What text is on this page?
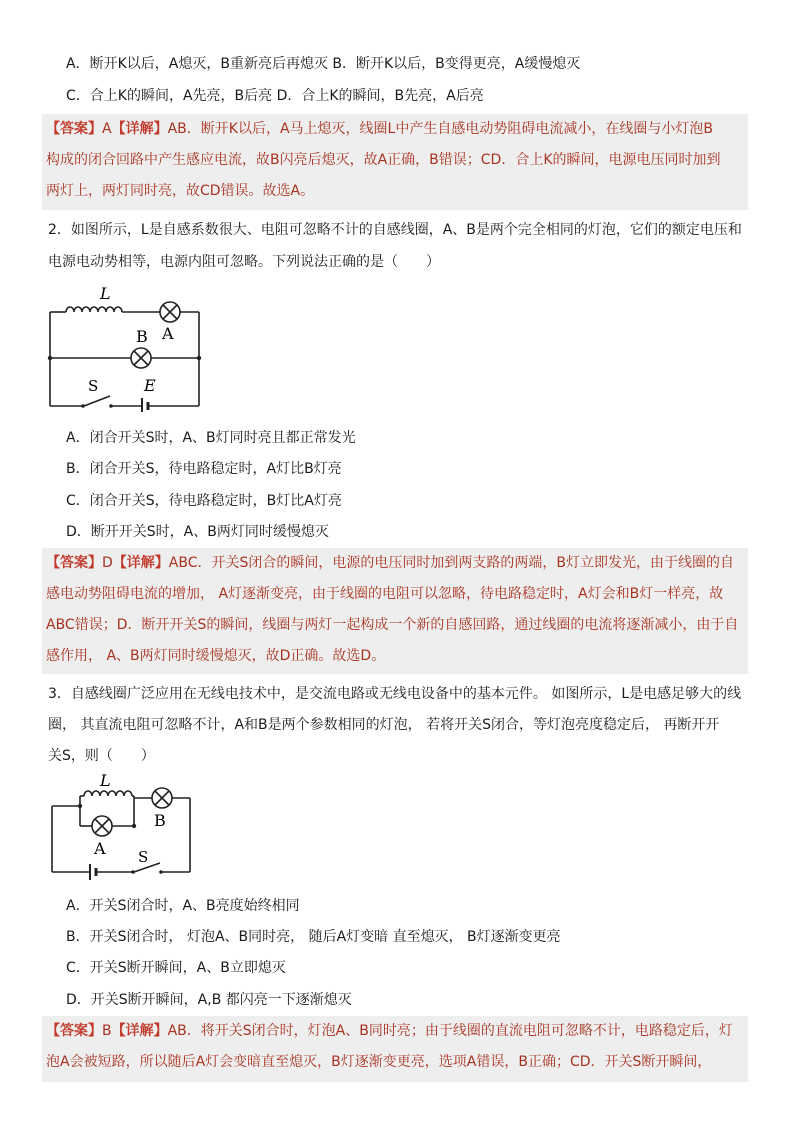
A．断开K以后，A熄灭，B重新亮后再熄灭 B．断开K以后，B变得更亮，A缓慢熄灭
C．合上K的瞬间，A先亮，B后亮 D．合上K的瞬间，B先亮，A后亮
【答案】A【详解】AB．断开K以后，A马上熄灭，线圈L中产生自感电动势阻碍电流减小，在线圈与小灯泡B
构成的闭合回路中产生感应电流，故B闪亮后熄灭，故A正确，B错误；CD．合上K的瞬间，电源电压同时加到
两灯上，两灯同时亮，故CD错误。故选A。
2．如图所示，L是自感系数很大、电阻可忽略不计的自感线圈，A、B是两个完全相同的灯泡，它们的额定电压和
电源电动势相等，电源内阻可忽略。下列说法正确的是（　　）
L
A
B
S	E
A．闭合开关S时，A、B灯同时亮且都正常发光
B．闭合开关S，待电路稳定时，A灯比B灯亮
C．闭合开关S，待电路稳定时，B灯比A灯亮
D．断开开关S时，A、B两灯同时缓慢熄灭
【答案】D【详解】ABC．开关S闭合的瞬间，电源的电压同时加到两支路的两端，B灯立即发光，由于线圈的自
感电动势阻碍电流的增加， A灯逐渐变亮，由于线圈的电阻可以忽略，待电路稳定时，A灯会和B灯一样亮，故
ABC错误；D．断开开关S的瞬间，线圈与两灯一起构成一个新的自感回路，通过线圈的电流将逐渐减小，由于自
感作用， A、B两灯同时缓慢熄灭，故D正确。故选D。
3．自感线圈广泛应用在无线电技术中，是交流电路或无线电设备中的基本元件。 如图所示，L是电感足够大的线
圈， 其直流电阻可忽略不计，A和B是两个参数相同的灯泡， 若将开关S闭合，等灯泡亮度稳定后， 再断开开
关S，则（　　）
L
B
A S
A．开关S闭合时，A、B亮度始终相同
B．开关S闭合时， 灯泡A、B同时亮， 随后A灯变暗 直至熄灭， B灯逐渐变更亮
C．开关S断开瞬间，A、B立即熄灭
D．开关S断开瞬间，A,B 都闪亮一下逐渐熄灭
【答案】B【详解】AB．将开关S闭合时，灯泡A、B同时亮；由于线圈的直流电阻可忽略不计，电路稳定后，灯
泡A会被短路，所以随后A灯会变暗直至熄灭，B灯逐渐变更亮，选项A错误，B正确；CD．开关S断开瞬间，
